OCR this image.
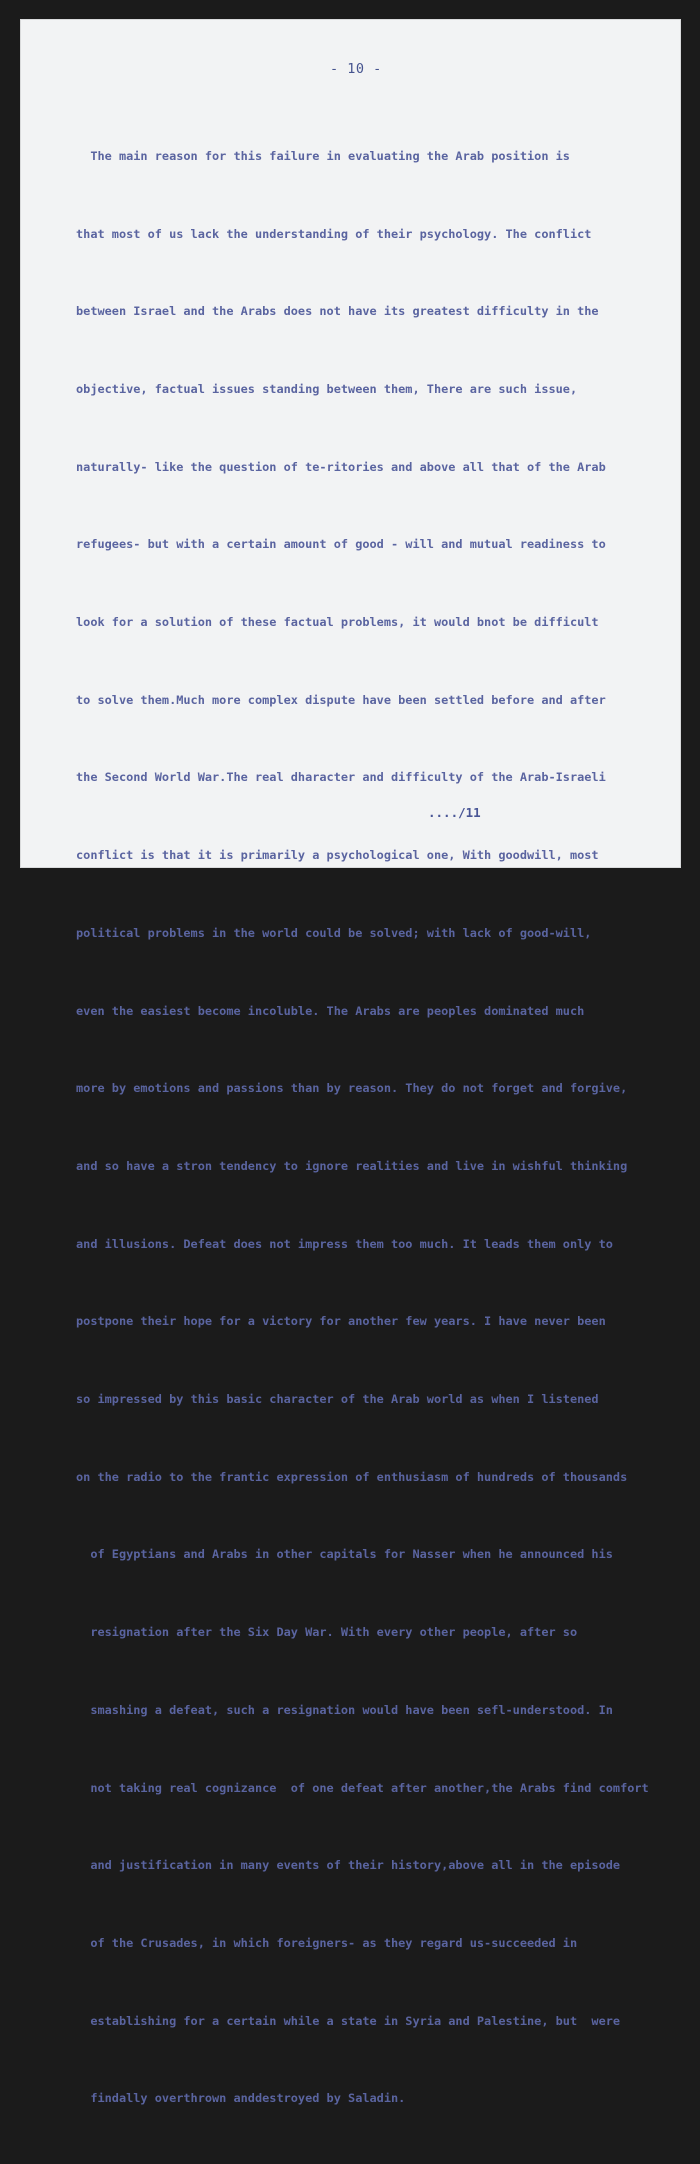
- 10 -

The main reason for this failure in evaluating the Arab position is

that most of us lack the understanding of their psychology. The conflict

between Israel and the Arabs does not have its greatest difficulty in the

objective, factual issues standing between them, There are such issue,

naturally- like the question of te-ritories and above all that of the Arab

refugees- but with a certain amount of good - will and mutual readiness to

look for a solution of these factual problems, it would bnot be difficult

to solve them.Much more complex dispute have been settled before and after

the Second World War.The real dharacter and difficulty of the Arab-Israeli

conflict is that it is primarily a psychological one, With goodwill, most

political problems in the world could be solved; with lack of good-will,

even the easiest become incoluble. The Arabs are peoples dominated much

more by emotions and passions than by reason. They do not forget and forgive,

and so have a stron tendency to ignore realities and live in wishful thinking

and illusions. Defeat does not impress them too much. It leads them only to

postpone their hope for a victory for another few years. I have never been

so impressed by this basic character of the Arab world as when I listened

on the radio to the frantic expression of enthusiasm of hundreds of thousands

of Egyptians and Arabs in other capitals for Nasser when he announced his

resignation after the Six Day War. With every other people, after so

smashing a defeat, such a resignation would have been sefl-understood. In

not taking real cognizance  of one defeat after another,the Arabs find comfort

and justification in many events of their history,above all in the episode

of the Crusades, in which foreigners- as they regard us-succeeded in

establishing for a certain while a state in Syria and Palestine, but  were

findally overthrown anddestroyed by Saladin.

..../11
